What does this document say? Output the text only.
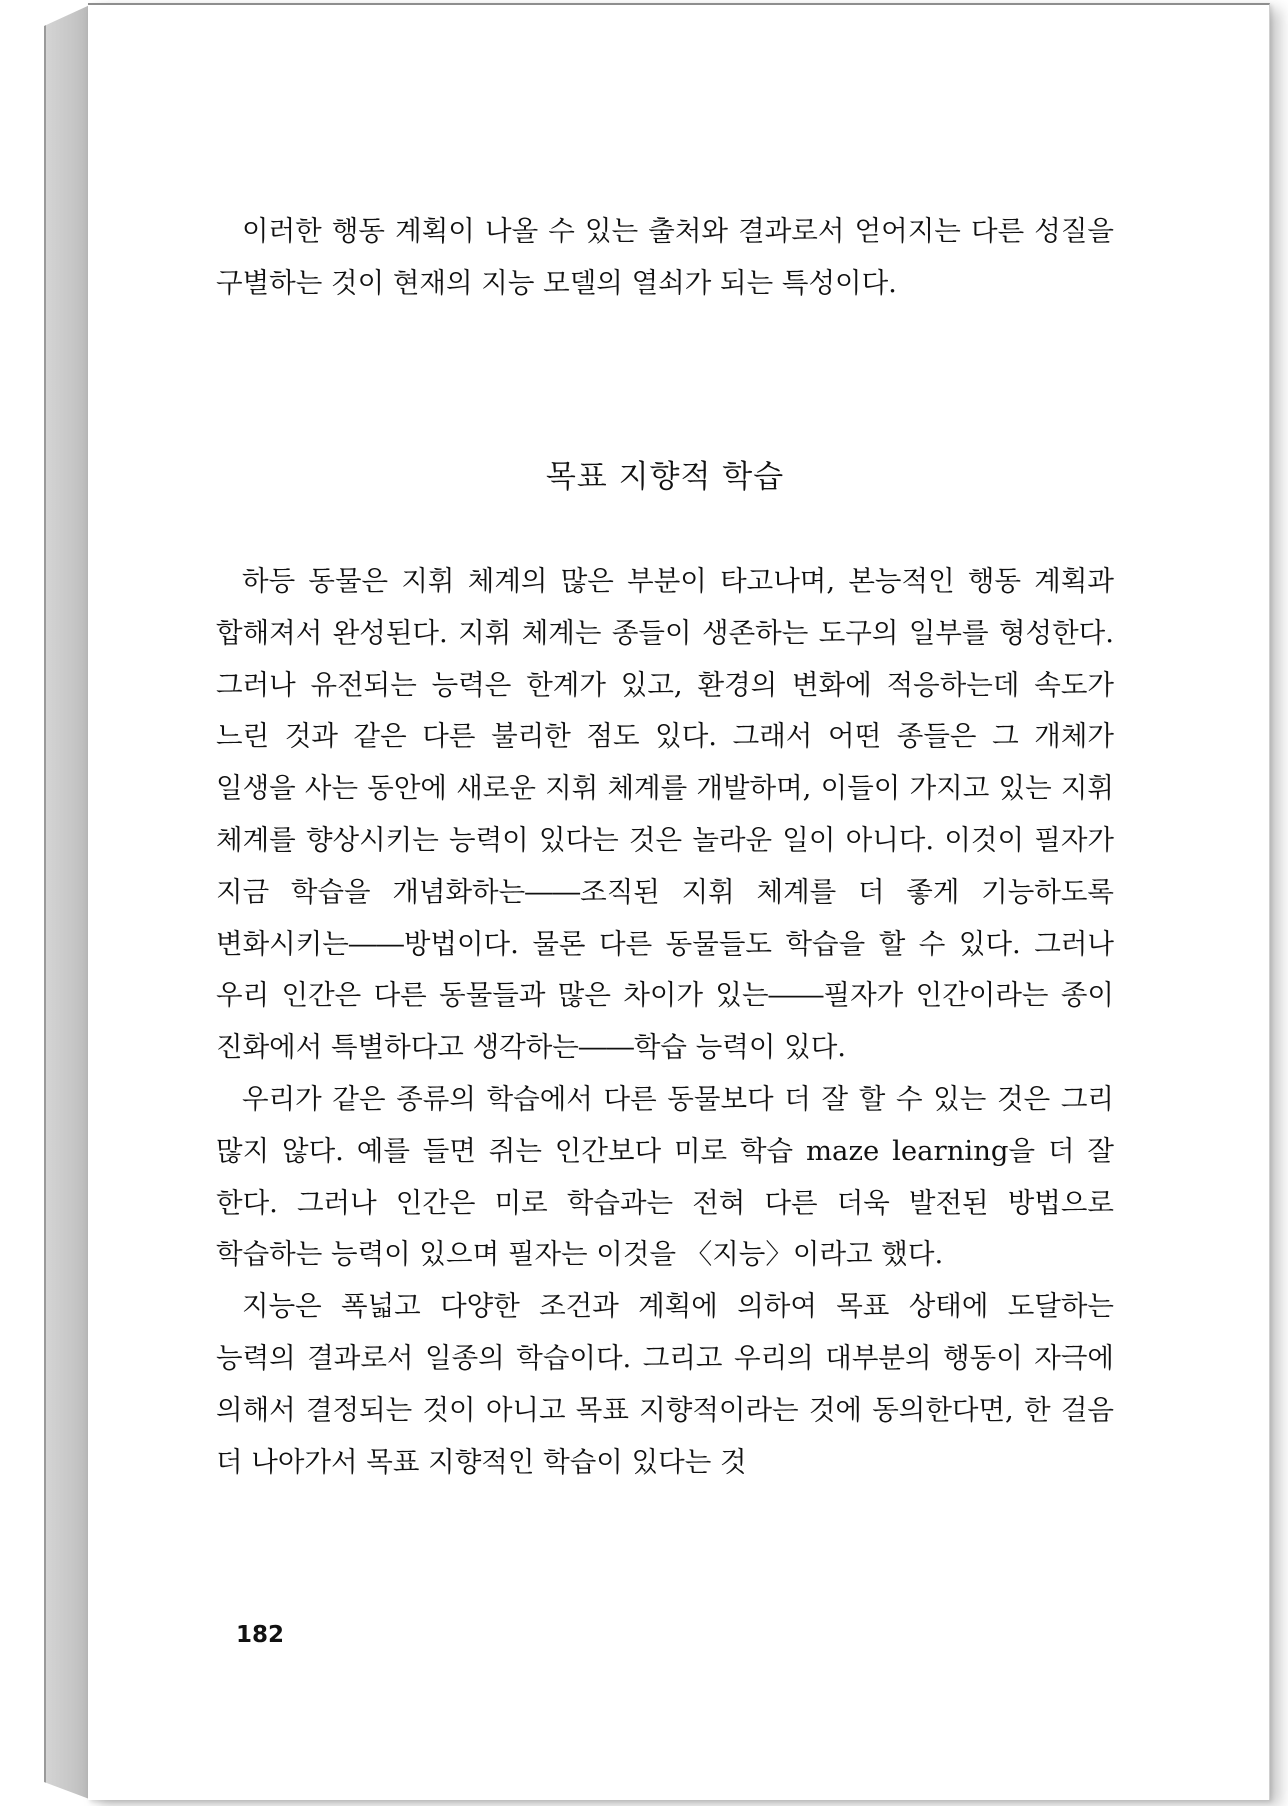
이러한 행동 계획이 나올 수 있는 출처와 결과로서 얻어지는 다른 성질을 구별하는 것이 현재의 지능 모델의 열쇠가 되는 특성이다.
목표 지향적 학습

하등 동물은 지휘 체계의 많은 부분이 타고나며, 본능적인 행동 계획과 합해져서 완성된다. 지휘 체계는 종들이 생존하는 도구의 일부를 형성한다. 그러나 유전되는 능력은 한계가 있고, 환경의 변화에 적응하는데 속도가 느린 것과 같은 다른 불리한 점도 있다. 그래서 어떤 종들은 그 개체가 일생을 사는 동안에 새로운 지휘 체계를 개발하며, 이들이 가지고 있는 지휘 체계를 향상시키는 능력이 있다는 것은 놀라운 일이 아니다. 이것이 필자가 지금 학습을 개념화하는――조직된 지휘 체계를 더 좋게 기능하도록 변화시키는――방법이다. 물론 다른 동물들도 학습을 할 수 있다. 그러나 우리 인간은 다른 동물들과 많은 차이가 있는――필자가 인간이라는 종이 진화에서 특별하다고 생각하는――학습 능력이 있다.

우리가 같은 종류의 학습에서 다른 동물보다 더 잘 할 수 있는 것은 그리 많지 않다. 예를 들면 쥐는 인간보다 미로 학습 maze learning을 더 잘 한다. 그러나 인간은 미로 학습과는 전혀 다른 더욱 발전된 방법으로 학습하는 능력이 있으며 필자는 이것을 〈지능〉이라고 했다.

지능은 폭넓고 다양한 조건과 계획에 의하여 목표 상태에 도달하는 능력의 결과로서 일종의 학습이다. 그리고 우리의 대부분의 행동이 자극에 의해서 결정되는 것이 아니고 목표 지향적이라는 것에 동의한다면, 한 걸음 더 나아가서 목표 지향적인 학습이 있다는 것

182
